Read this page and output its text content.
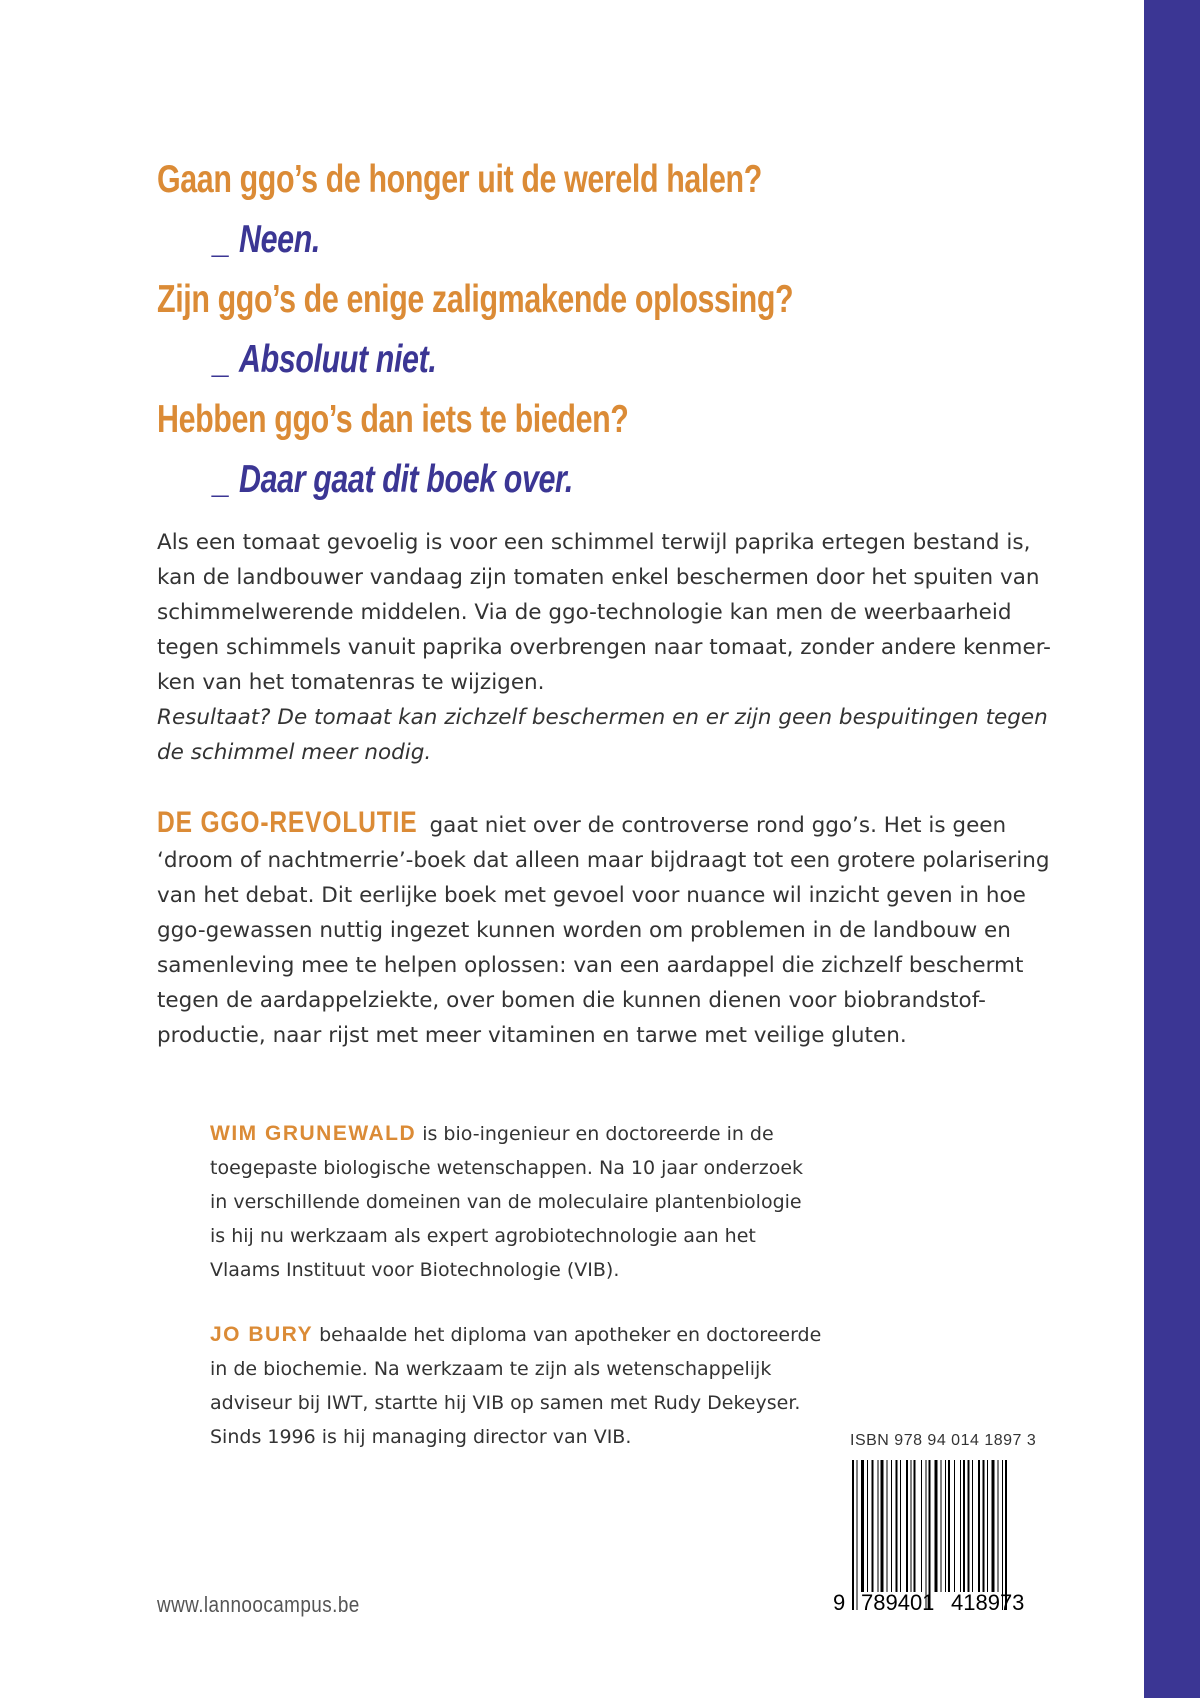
Gaan ggo’s de honger uit de wereld halen?
_ Neen.
Zijn ggo’s de enige zaligmakende oplossing?
_ Absoluut niet.
Hebben ggo’s dan iets te bieden?
_ Daar gaat dit boek over.

Als een tomaat gevoelig is voor een schimmel terwijl paprika ertegen bestand is,

kan de landbouwer vandaag zijn tomaten enkel beschermen door het spuiten van

schimmelwerende middelen. Via de ggo-technologie kan men de weerbaarheid

tegen schimmels vanuit paprika overbrengen naar tomaat, zonder andere kenmer-

ken van het tomatenras te wijzigen.

Resultaat? De tomaat kan zichzelf beschermen en er zijn geen bespuitingen tegen

de schimmel meer nodig.

DE GGO-REVOLUTIE gaat niet over de controverse rond ggo’s. Het is geen

‘droom of nachtmerrie’-boek dat alleen maar bijdraagt tot een grotere polarisering

van het debat. Dit eerlijke boek met gevoel voor nuance wil inzicht geven in hoe

ggo-gewassen nuttig ingezet kunnen worden om problemen in de landbouw en

samenleving mee te helpen oplossen: van een aardappel die zichzelf beschermt

tegen de aardappelziekte, over bomen die kunnen dienen voor biobrandstof-

productie, naar rijst met meer vitaminen en tarwe met veilige gluten.

WIM GRUNEWALD is bio-ingenieur en doctoreerde in de

toegepaste biologische wetenschappen. Na 10 jaar onderzoek

in verschillende domeinen van de moleculaire plantenbiologie

is hij nu werkzaam als expert agrobiotechnologie aan het

Vlaams Instituut voor Biotechnologie (VIB).

JO BURY behaalde het diploma van apotheker en doctoreerde

in de biochemie. Na werkzaam te zijn als wetenschappelijk

adviseur bij IWT, startte hij VIB op samen met Rudy Dekeyser.

Sinds 1996 is hij managing director van VIB.	ISBN 978 94 014 1897 3
9 789401 418973
www.lannoocampus.be
